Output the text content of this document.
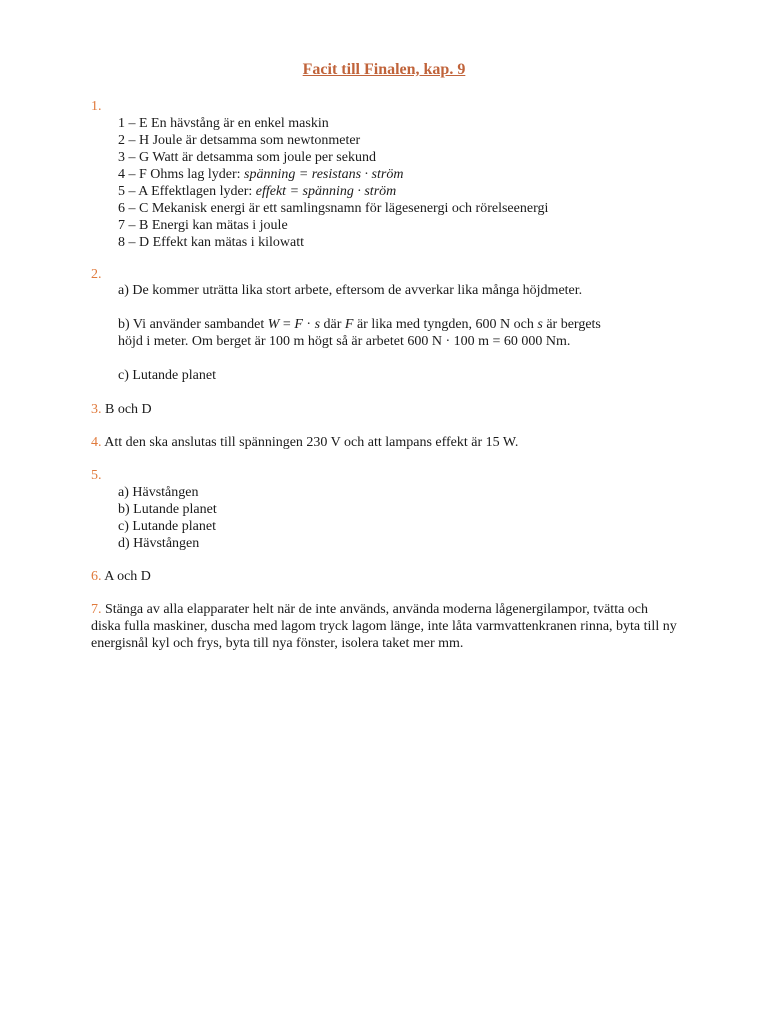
Facit till Finalen, kap. 9
1.
1 – E En hävstång är en enkel maskin
2 – H Joule är detsamma som newtonmeter
3 – G Watt är detsamma som joule per sekund
4 – F Ohms lag lyder: spänning = resistans · ström
5 – A Effektlagen lyder: effekt = spänning · ström
6 – C Mekanisk energi är ett samlingsnamn för lägesenergi och rörelseenergi
7 – B Energi kan mätas i joule
8 – D Effekt kan mätas i kilowatt
2.
a) De kommer uträtta lika stort arbete, eftersom de avverkar lika många höjdmeter.
b) Vi använder sambandet W = F · s där F är lika med tyngden, 600 N och s är bergets
höjd i meter. Om berget är 100 m högt så är arbetet 600 N · 100 m = 60 000 Nm.
c) Lutande planet
3. B och D
4. Att den ska anslutas till spänningen 230 V och att lampans effekt är 15 W.
5.
a) Hävstången
b) Lutande planet
c) Lutande planet
d) Hävstången
6. A och D
7. Stänga av alla elapparater helt när de inte används, använda moderna lågenergilampor, tvätta och diska fulla maskiner, duscha med lagom tryck lagom länge, inte låta varmvattenkranen rinna, byta till ny energisnål kyl och frys, byta till nya fönster, isolera taket mer mm.
